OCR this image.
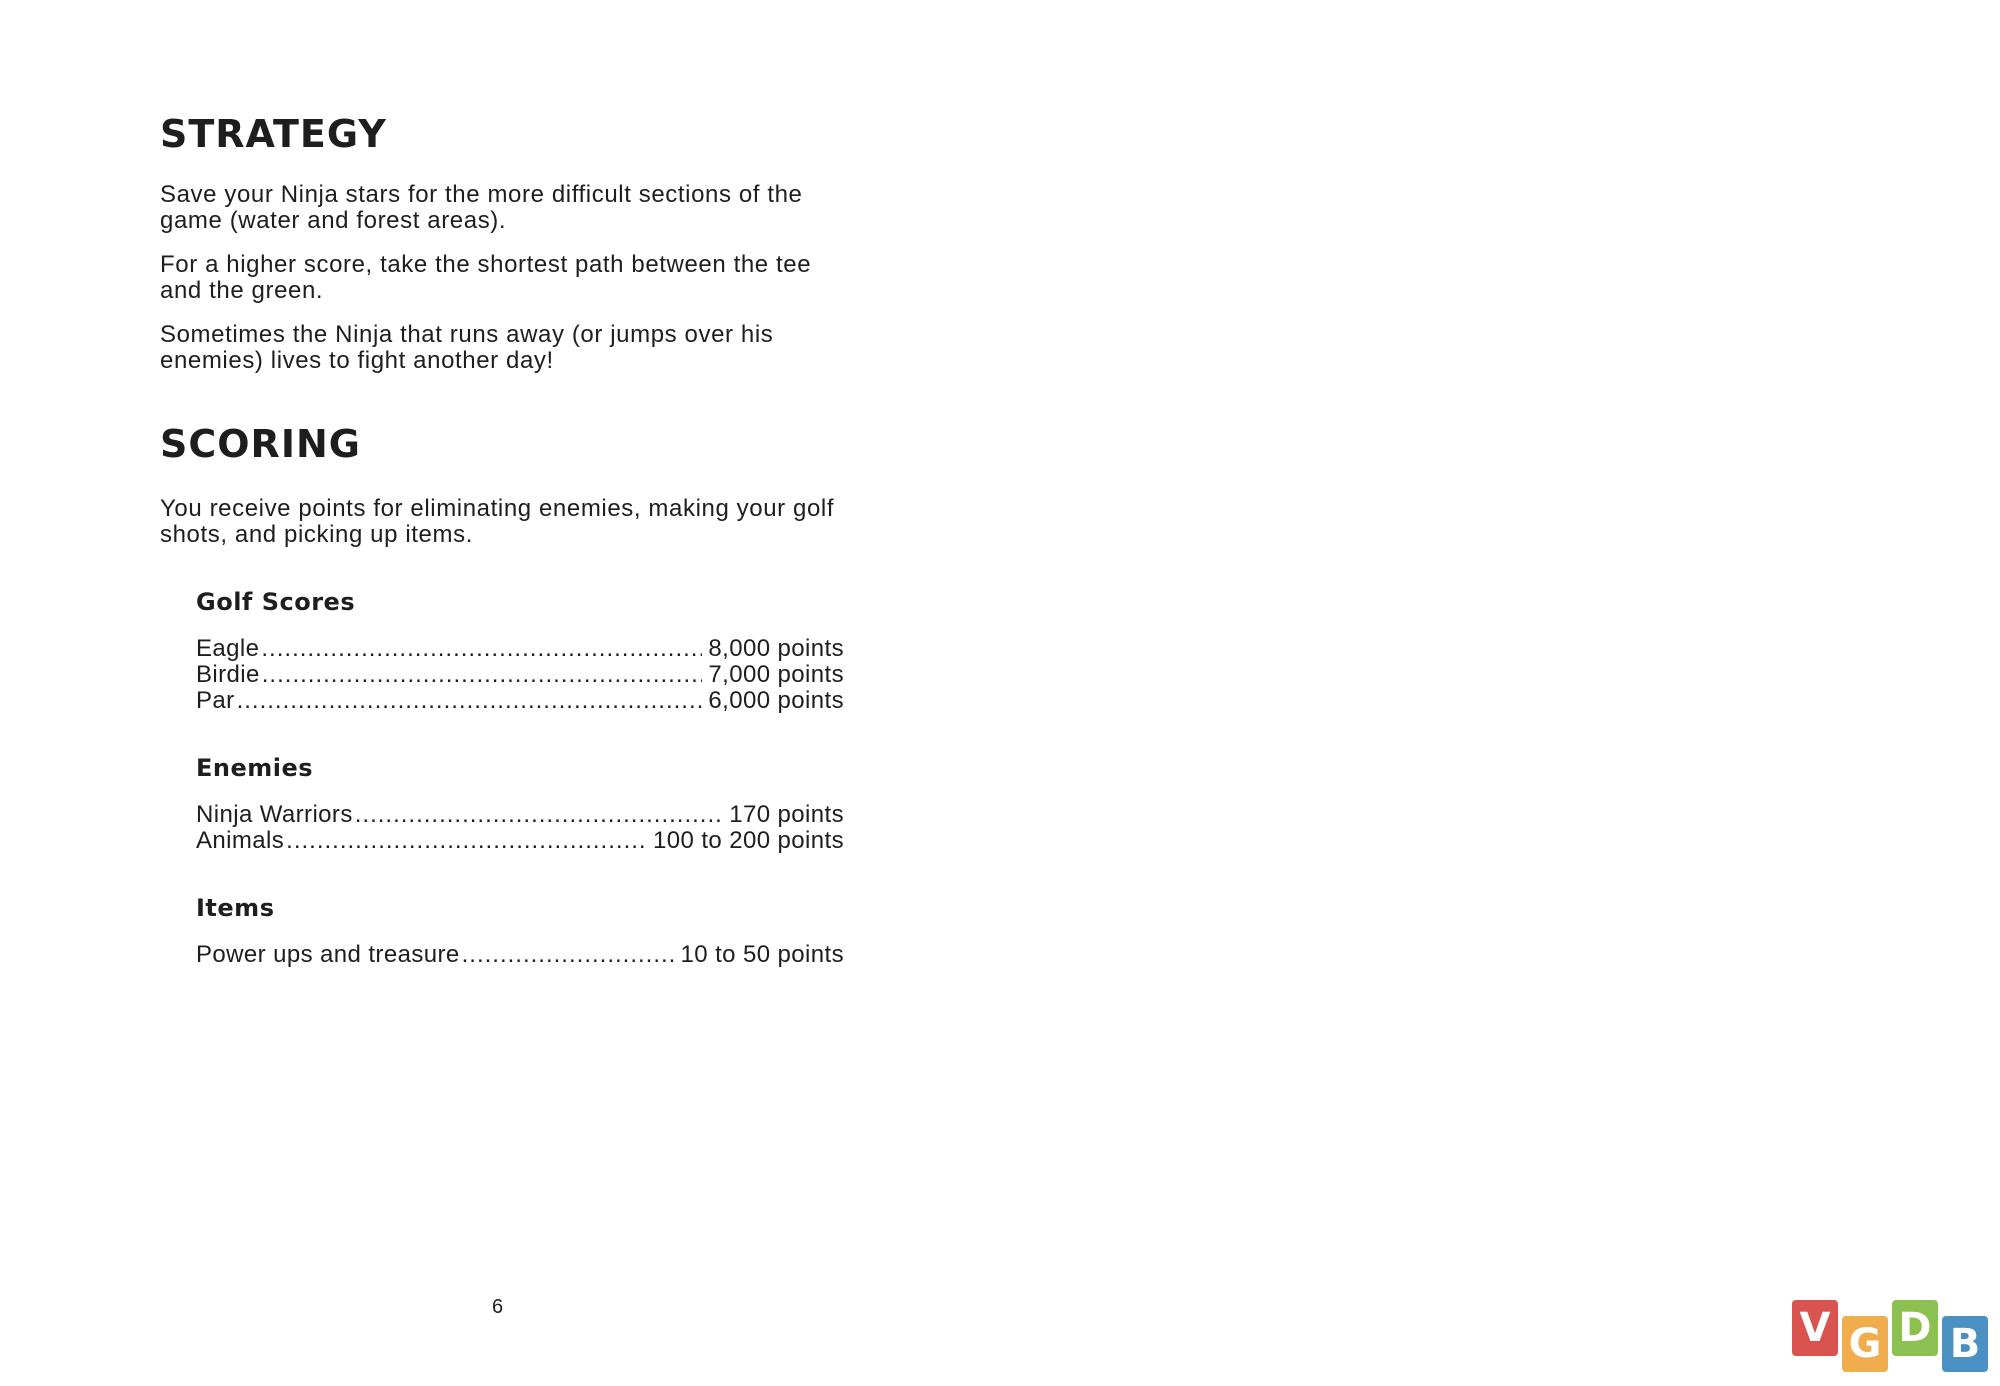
STRATEGY

Save your Ninja stars for the more difficult sections of the game (water and forest areas).

For a higher score, take the shortest path between the tee and the green.

Sometimes the Ninja that runs away (or jumps over his enemies) lives to fight another day!

SCORING

You receive points for eliminating enemies, making your golf shots, and picking up items.

Golf Scores
Eagle .....	8,000 points
Birdie .....	7,000 points
Par .....	6,000 points
Enemies
Ninja Warriors .....	170 points
Animals .....	100 to 200 points
Items
Power ups and treasure .....	10 to 50 points
6	V G D B
